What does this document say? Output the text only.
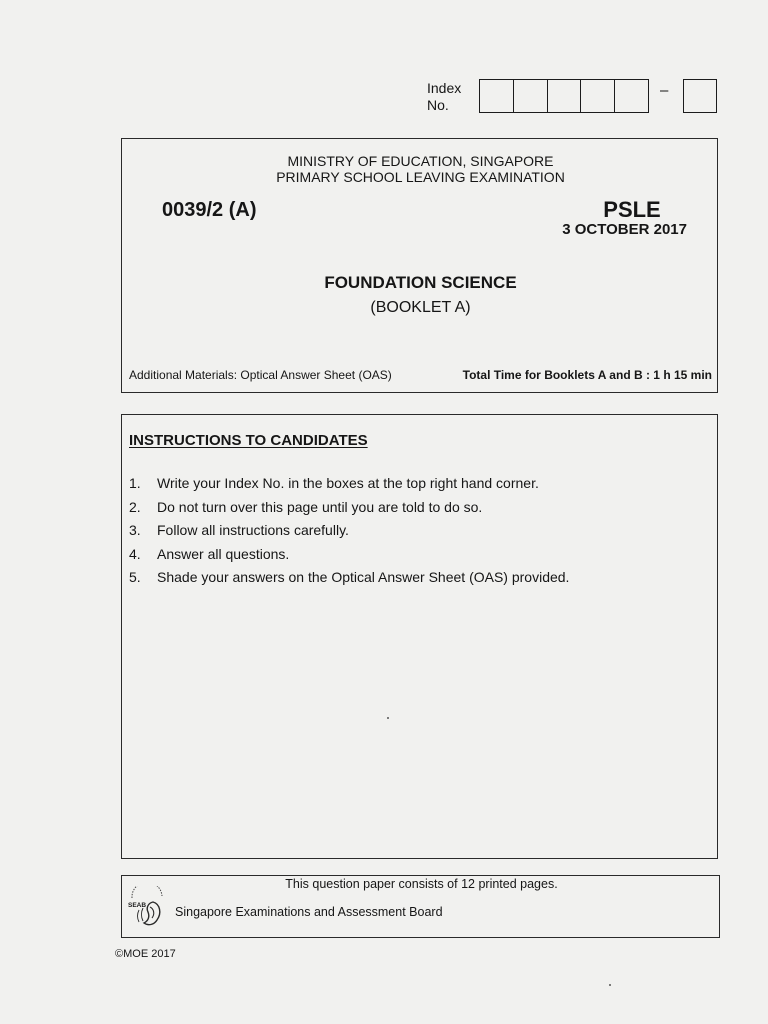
Index
No.
–
MINISTRY OF EDUCATION, SINGAPORE
PRIMARY SCHOOL LEAVING EXAMINATION
0039/2 (A)	PSLE
3 OCTOBER 2017
FOUNDATION SCIENCE
(BOOKLET A)
Additional Materials: Optical Answer Sheet (OAS)	Total Time for Booklets A and B : 1 h 15 min
INSTRUCTIONS TO CANDIDATES
1.	Write your Index No. in the boxes at the top right hand corner.
2.	Do not turn over this page until you are told to do so.
3.	Follow all instructions carefully.
4.	Answer all questions.
5.	Shade your answers on the Optical Answer Sheet (OAS) provided.
This question paper consists of 12 printed pages.
SEAB Singapore Examinations and Assessment Board
©MOE 2017
